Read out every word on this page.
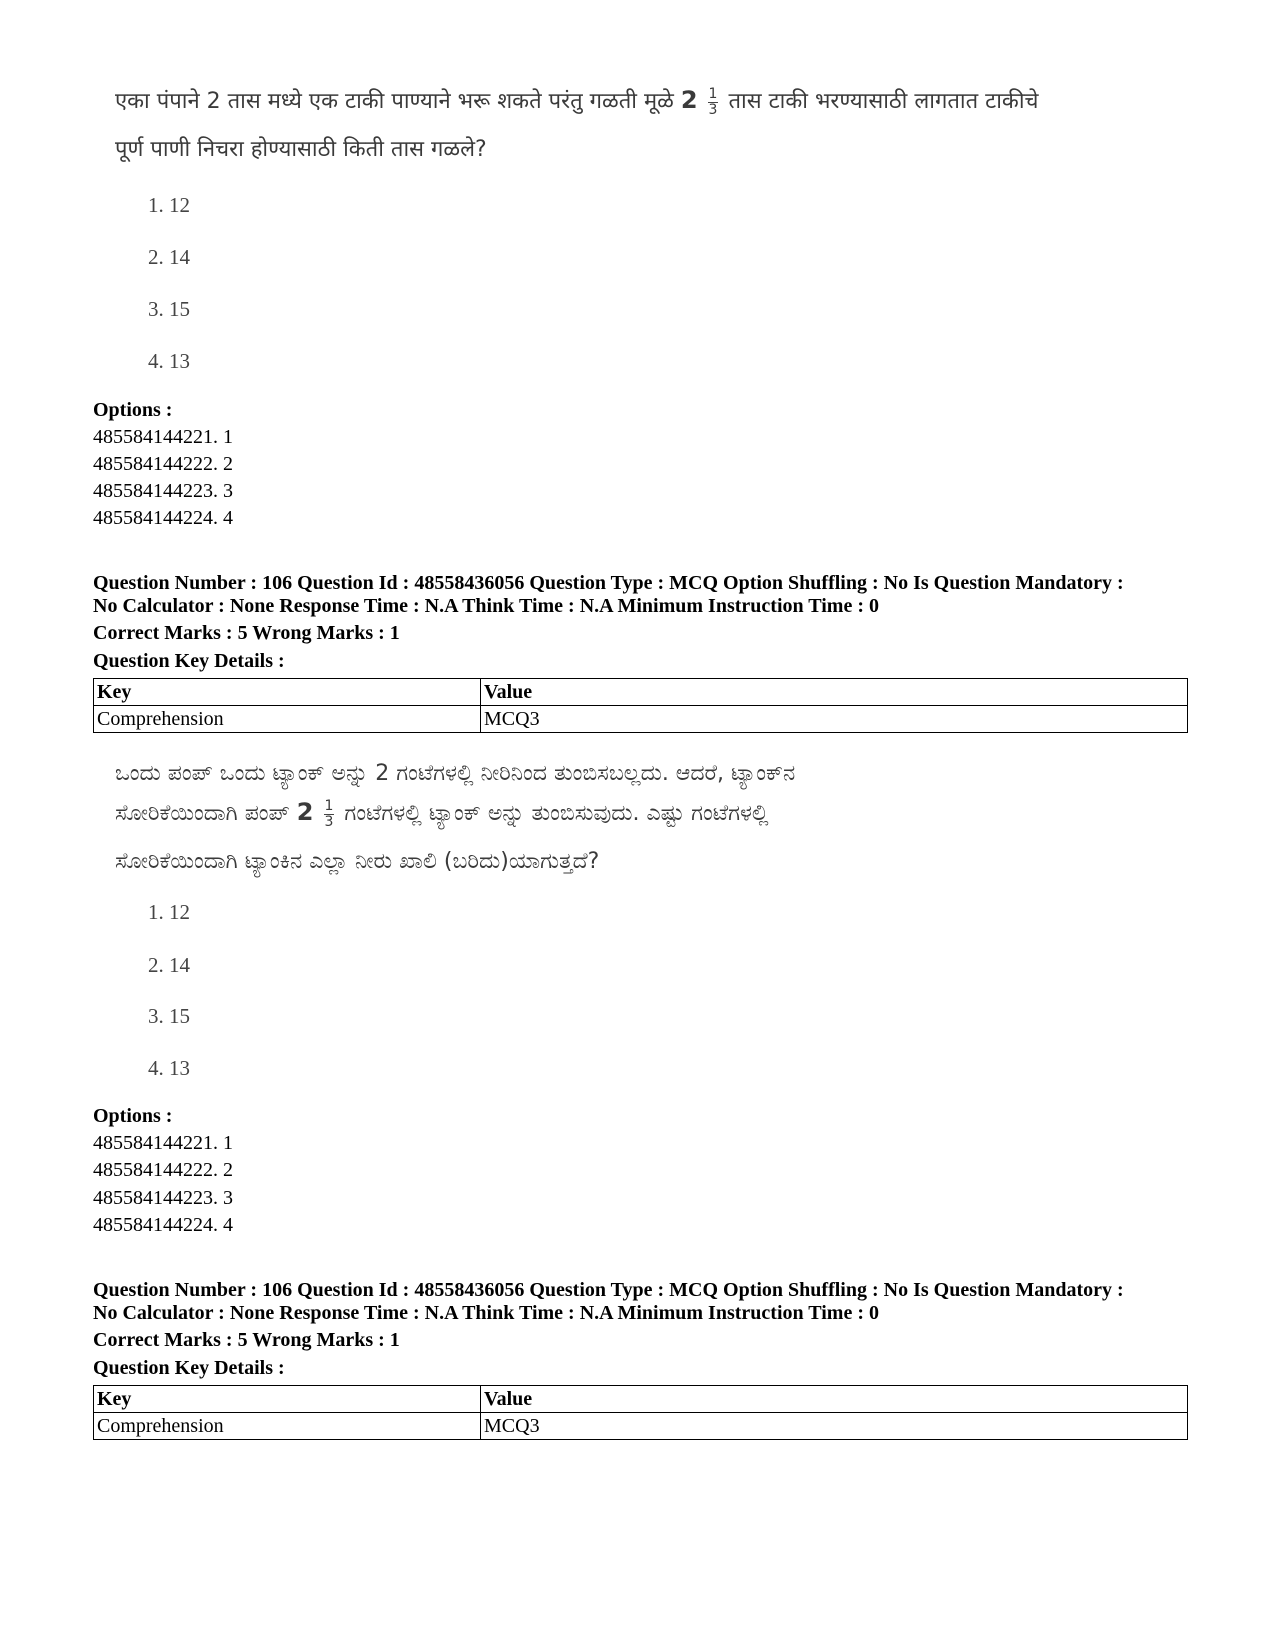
एका पंपाने 2 तास मध्ये एक टाकी पाण्याने भरू शकते परंतु गळती मूळे $2 \frac{1}{3}$ तास टाकी भरण्यासाठी लागतात टाकीचे
पूर्ण पाणी निचरा होण्यासाठी किती तास गळले?
1. 12
2. 14
3. 15
4. 13
Options :
485584144221. 1
485584144222. 2
485584144223. 3
485584144224. 4
Question Number : 106 Question Id : 48558436056 Question Type : MCQ Option Shuffling : No Is Question Mandatory :
No Calculator : None Response Time : N.A Think Time : N.A Minimum Instruction Time : 0
Correct Marks : 5 Wrong Marks : 1
Question Key Details :
Key	Value
Comprehension	MCQ3
ಒಂದು ಪಂಪ್ ಒಂದು ಟ್ಯಾಂಕ್ ಅನ್ನು 2 ಗಂಟೆಗಳಲ್ಲಿ ನೀರಿನಿಂದ ತುಂಬಿಸಬಲ್ಲದು. ಆದರೆ, ಟ್ಯಾಂಕ್‌ನ
ಸೋರಿಕೆಯಿಂದಾಗಿ ಪಂಪ್ $2 \frac{1}{3}$ ಗಂಟೆಗಳಲ್ಲಿ ಟ್ಯಾಂಕ್ ಅನ್ನು ತುಂಬಿಸುವುದು. ಎಷ್ಟು ಗಂಟೆಗಳಲ್ಲಿ
ಸೋರಿಕೆಯಿಂದಾಗಿ ಟ್ಯಾಂಕಿನ ಎಲ್ಲಾ ನೀರು ಖಾಲಿ (ಬರಿದು)ಯಾಗುತ್ತದೆ?
1. 12
2. 14
3. 15
4. 13
Options :
485584144221. 1
485584144222. 2
485584144223. 3
485584144224. 4
Question Number : 106 Question Id : 48558436056 Question Type : MCQ Option Shuffling : No Is Question Mandatory :
No Calculator : None Response Time : N.A Think Time : N.A Minimum Instruction Time : 0
Correct Marks : 5 Wrong Marks : 1
Question Key Details :
Key	Value
Comprehension	MCQ3
